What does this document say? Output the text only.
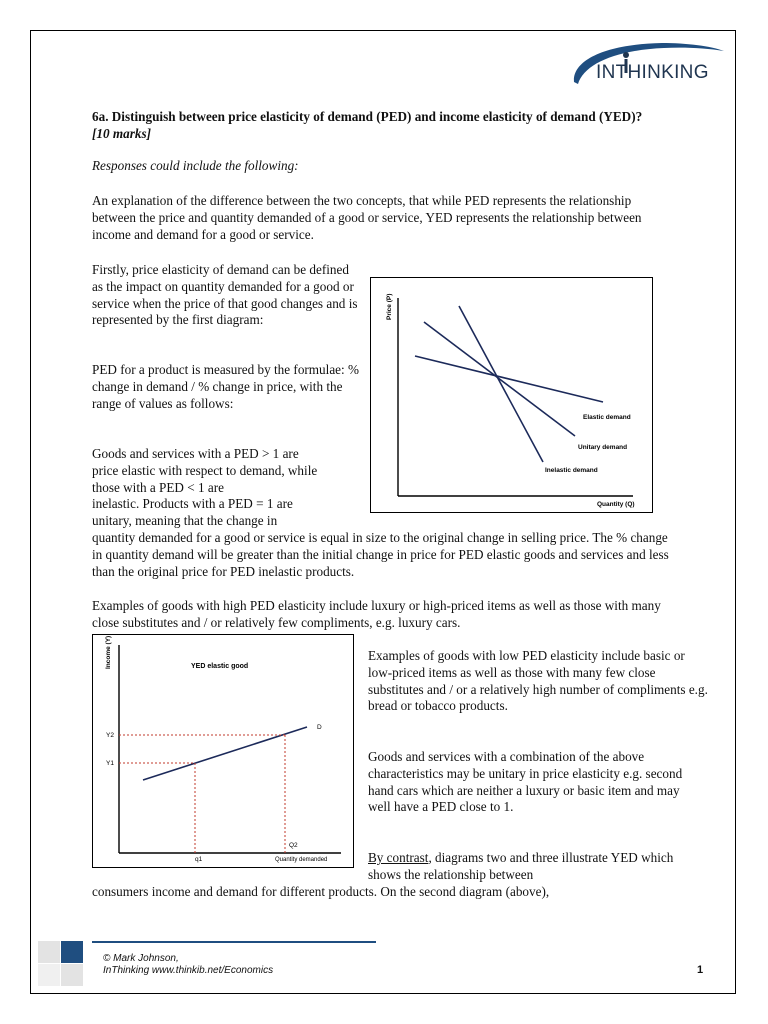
INTHINKING
6a. Distinguish between price elasticity of demand (PED) and income elasticity of demand (YED)? [10 marks]
Responses could include the following:
An explanation of the difference between the two concepts, that while PED represents the relationship between the price and quantity demanded of a good or service, YED represents the relationship between income and demand for a good or service.
Firstly, price elasticity of demand can be defined as the impact on quantity demanded for a good or service when the price of that good changes and is represented by the first diagram:
PED for a product is measured by the formulae: % change in demand / % change in price, with the range of values as follows:
Goods and services with a PED > 1 are
price elastic with respect to demand, while
those with a PED < 1 are
inelastic. Products with a PED = 1 are
unitary, meaning that the change in
quantity demanded for a good or service is equal in size to the original change in selling price. The % change in quantity demand will be greater than the initial change in price for PED elastic goods and services and less than the original price for PED inelastic products.
Examples of goods with high PED elasticity include luxury or high-priced items as well as those with many close substitutes and / or relatively few compliments, e.g. luxury cars.
Examples of goods with low PED elasticity include basic or low-priced items as well as those with many few close substitutes and / or a relatively high number of compliments e.g. bread or tobacco products.
Goods and services with a combination of the above characteristics may be unitary in price elasticity e.g. second hand cars which are neither a luxury or basic item and may well have a PED close to 1.
By contrast, diagrams two and three illustrate YED which shows the relationship between
consumers income and demand for different products. On the second diagram (above),
Price (P)
Quantity (Q)
Elastic demand
Unitary demand
Inelastic demand
Income (Y)	YED elastic good
D
Y2
Y1
q1
Q2
Quantity demanded
© Mark Johnson,
InThinking www.thinkib.net/Economics	1
